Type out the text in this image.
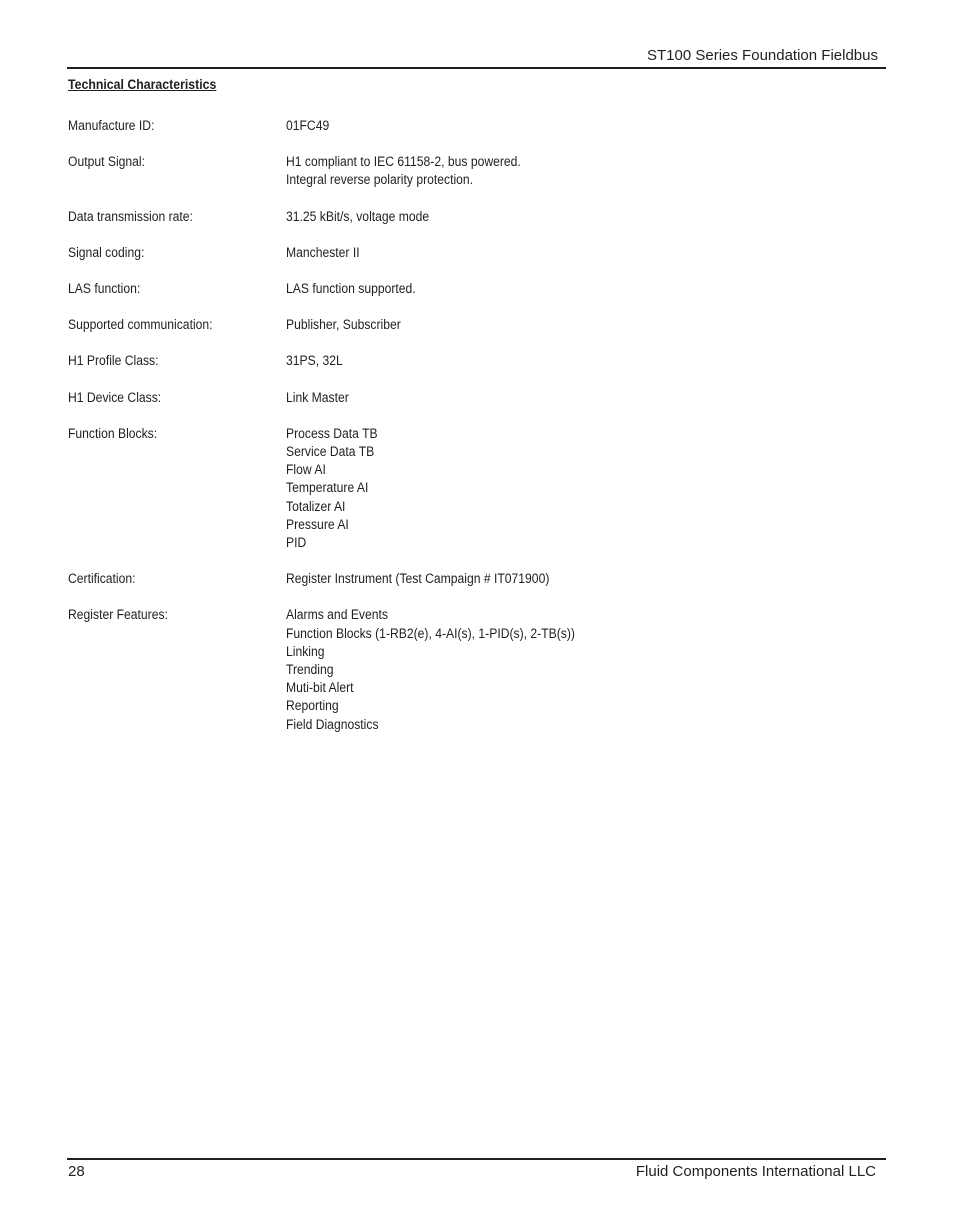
ST100 Series Foundation Fieldbus
Technical Characteristics
Manufacture ID:	01FC49
Output Signal:	H1 compliant to IEC 61158-2, bus powered.
Integral reverse polarity protection.
Data transmission rate:	31.25 kBit/s, voltage mode
Signal coding:	Manchester II
LAS function:	LAS function supported.
Supported communication:	Publisher, Subscriber
H1 Profile Class:	31PS, 32L
H1 Device Class:	Link Master
Function Blocks:	Process Data TB
Service Data TB
Flow AI
Temperature AI
Totalizer AI
Pressure AI
PID
Certification:	Register Instrument (Test Campaign # IT071900)
Register Features:	Alarms and Events
Function Blocks (1-RB2(e), 4-AI(s), 1-PID(s), 2-TB(s))
Linking
Trending
Muti-bit Alert
Reporting
Field Diagnostics
28	Fluid Components International LLC
